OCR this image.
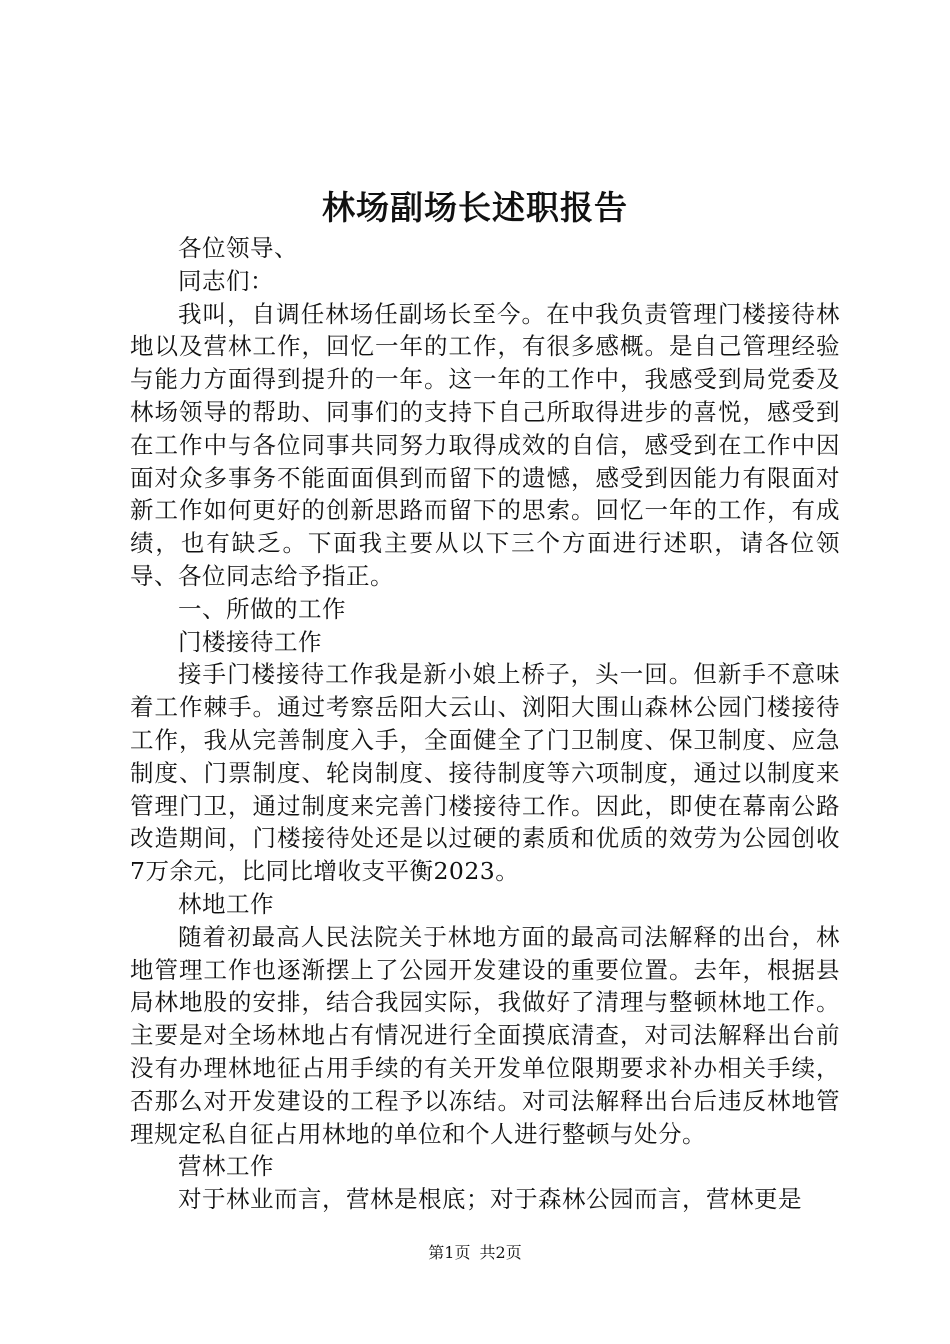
林场副场长述职报告

各位领导、

同志们：

我叫，自调任林场任副场长至今。在中我负责管理门楼接待林地以及营林工作，回忆一年的工作，有很多感概。是自己管理经验与能力方面得到提升的一年。这一年的工作中，我感受到局党委及林场领导的帮助、同事们的支持下自己所取得进步的喜悦，感受到在工作中与各位同事共同努力取得成效的自信，感受到在工作中因面对众多事务不能面面俱到而留下的遗憾，感受到因能力有限面对新工作如何更好的创新思路而留下的思索。回忆一年的工作，有成绩，也有缺乏。下面我主要从以下三个方面进行述职，请各位领导、各位同志给予指正。

一、所做的工作

门楼接待工作

接手门楼接待工作我是新小娘上桥子，头一回。但新手不意味着工作棘手。通过考察岳阳大云山、浏阳大围山森林公园门楼接待工作，我从完善制度入手，全面健全了门卫制度、保卫制度、应急制度、门票制度、轮岗制度、接待制度等六项制度，通过以制度来管理门卫，通过制度来完善门楼接待工作。因此，即使在幕南公路改造期间，门楼接待处还是以过硬的素质和优质的效劳为公园创收7万余元，比同比增收支平衡2023。

林地工作

随着初最高人民法院关于林地方面的最高司法解释的出台，林地管理工作也逐渐摆上了公园开发建设的重要位置。去年，根据县局林地股的安排，结合我园实际，我做好了清理与整顿林地工作。主要是对全场林地占有情况进行全面摸底清查，对司法解释出台前没有办理林地征占用手续的有关开发单位限期要求补办相关手续，否那么对开发建设的工程予以冻结。对司法解释出台后违反林地管理规定私自征占用林地的单位和个人进行整顿与处分。

营林工作

对于林业而言，营林是根底；对于森林公园而言，营林更是

第1页 共2页
